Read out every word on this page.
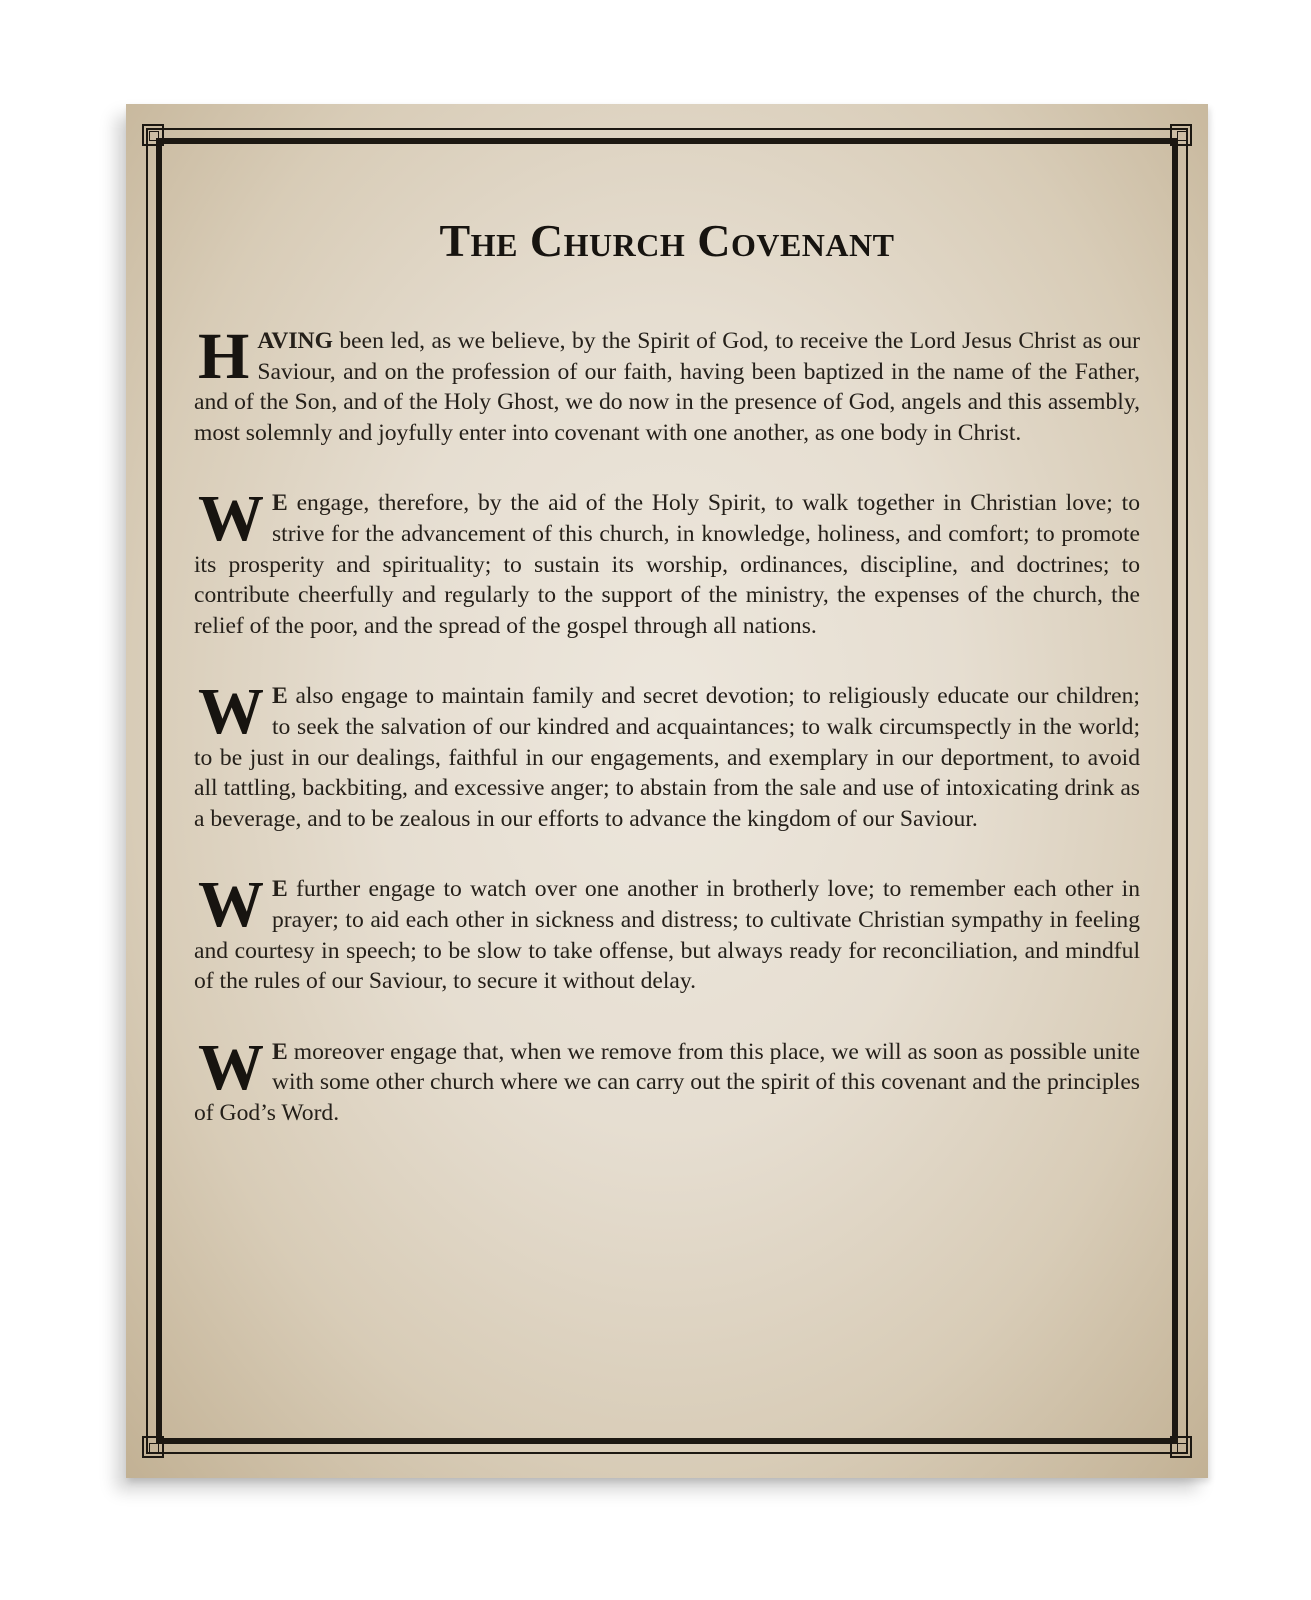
The Church Covenant

HAVING been led, as we believe, by the Spirit of God, to receive the Lord Jesus Christ as our Saviour, and on the profession of our faith, having been baptized in the name of the Father, and of the Son, and of the Holy Ghost, we do now in the presence of God, angels and this assembly, most solemnly and joyfully enter into covenant with one another, as one body in Christ.

W E engage, therefore, by the aid of the Holy Spirit, to walk together in Christian love; to strive for the advancement of this church, in knowledge, holiness, and comfort; to promote its prosperity and spirituality; to sustain its worship, ordinances, discipline, and doctrines; to contribute cheerfully and regularly to the support of the ministry, the expenses of the church, the relief of the poor, and the spread of the gospel through all nations.

W E also engage to maintain family and secret devotion; to religiously educate our children; to seek the salvation of our kindred and acquaintances; to walk circumspectly in the world; to be just in our dealings, faithful in our engagements, and exemplary in our deportment, to avoid all tattling, backbiting, and excessive anger; to abstain from the sale and use of intoxicating drink as a beverage, and to be zealous in our efforts to advance the kingdom of our Saviour.

W E further engage to watch over one another in brotherly love; to remember each other in prayer; to aid each other in sickness and distress; to cultivate Christian sympathy in feeling and courtesy in speech; to be slow to take offense, but always ready for reconciliation, and mindful of the rules of our Saviour, to secure it without delay.

W E moreover engage that, when we remove from this place, we will as soon as possible unite with some other church where we can carry out the spirit of this covenant and the principles of God’s Word.
